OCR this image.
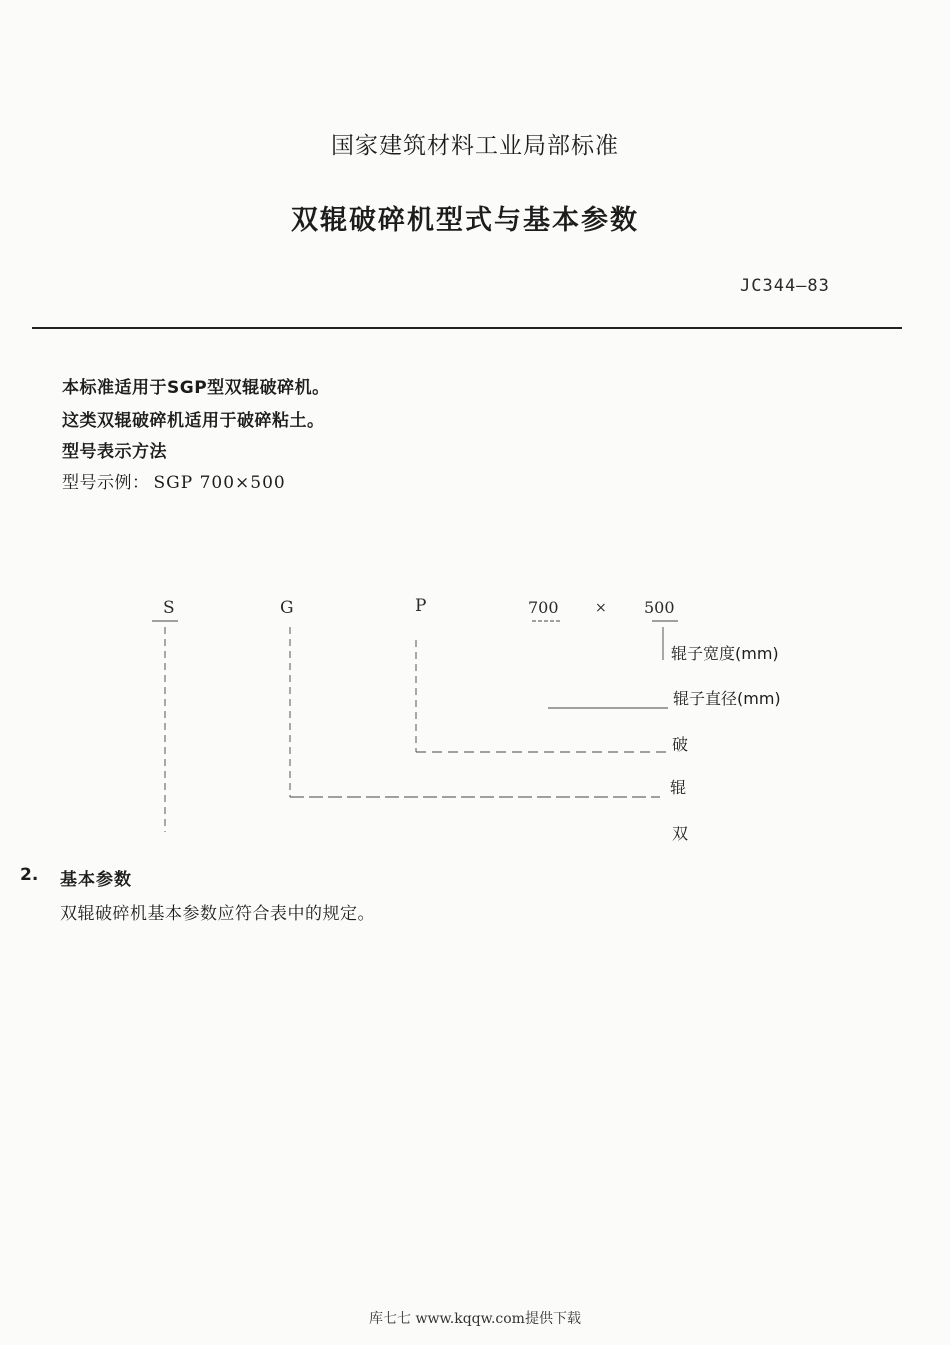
国家建筑材料工业局部标准
双辊破碎机型式与基本参数
JC344—83
本标准适用于SGP型双辊破碎机。
这类双辊破碎机适用于破碎粘土。
型号表示方法
型号示例： SGP 700×500
S	G	P	700	× 500
辊子宽度(mm)
辊子直径(mm)
破
辊
双
2. 基本参数
双辊破碎机基本参数应符合表中的规定。
库七七 www.kqqw.com提供下载
